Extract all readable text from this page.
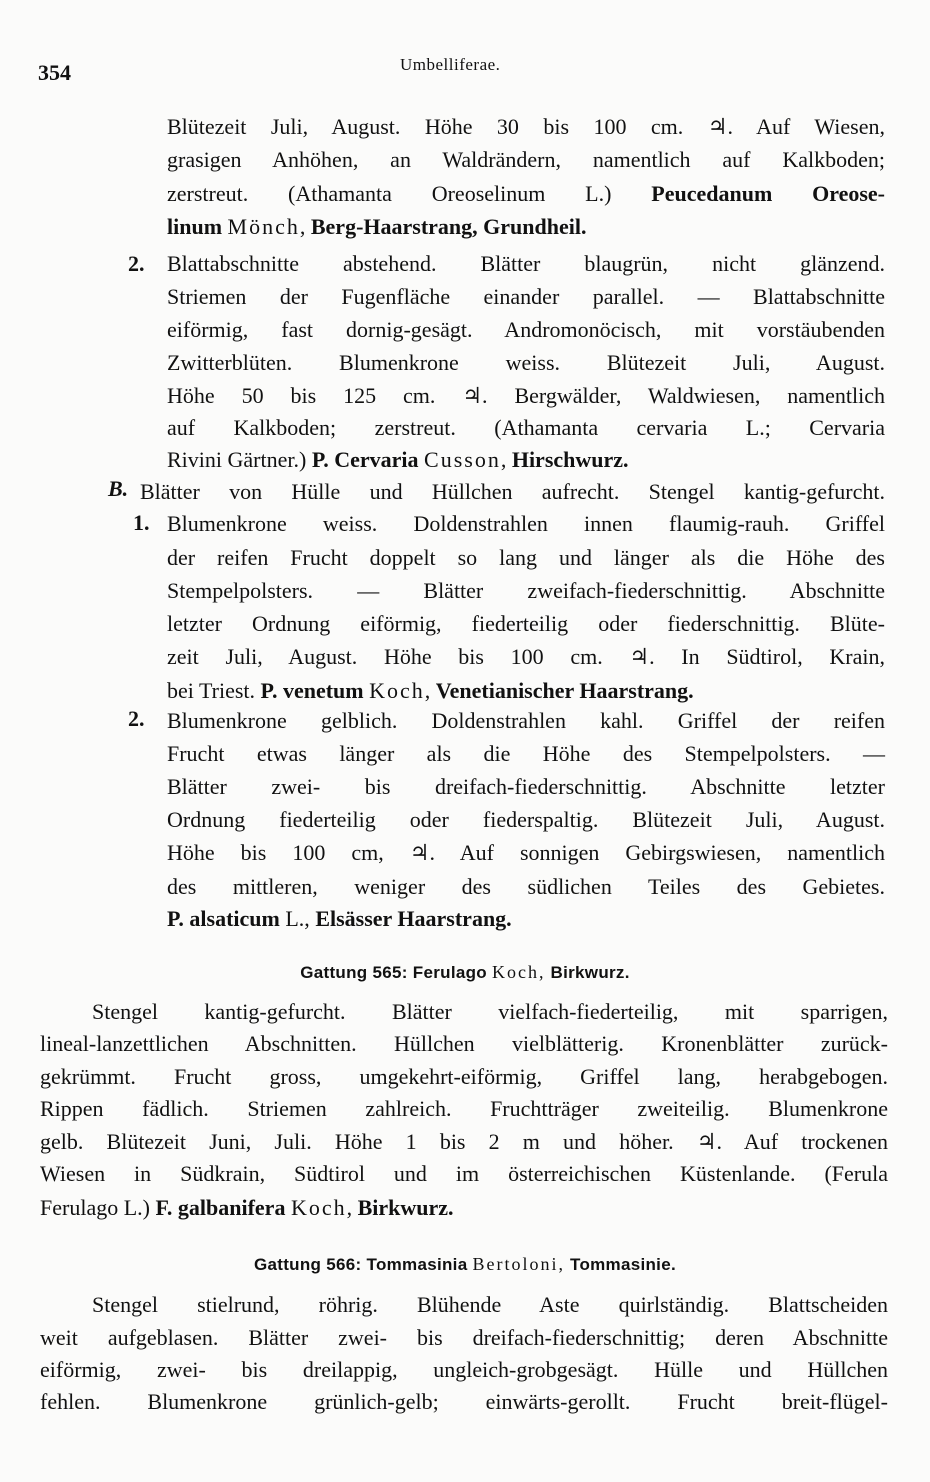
354	Umbelliferae.
2.
B.
1.
2.
Blütezeit Juli, August. Höhe 30 bis 100 cm. ♃. Auf Wiesen,
grasigen Anhöhen, an Waldrändern, namentlich auf Kalkboden;
zerstreut. (Athamanta Oreoselinum L.) Peucedanum Oreose-
linum Mönch, Berg-Haarstrang, Grundheil.
Blattabschnitte abstehend. Blätter blaugrün, nicht glänzend.
Striemen der Fugenfläche einander parallel. — Blattabschnitte
eiförmig, fast dornig-gesägt. Andromonöcisch, mit vorstäubenden
Zwitterblüten. Blumenkrone weiss. Blütezeit Juli, August.
Höhe 50 bis 125 cm. ♃. Bergwälder, Waldwiesen, namentlich
auf Kalkboden; zerstreut. (Athamanta cervaria L.; Cervaria
Rivini Gärtner.) P. Cervaria Cusson, Hirschwurz.
Blätter von Hülle und Hüllchen aufrecht. Stengel kantig-gefurcht.
Blumenkrone weiss. Doldenstrahlen innen flaumig-rauh. Griffel
der reifen Frucht doppelt so lang und länger als die Höhe des
Stempelpolsters. — Blätter zweifach-fiederschnittig. Abschnitte
letzter Ordnung eiförmig, fiederteilig oder fiederschnittig. Blüte-
zeit Juli, August. Höhe bis 100 cm. ♃. In Südtirol, Krain,
bei Triest. P. venetum Koch, Venetianischer Haarstrang.
Blumenkrone gelblich. Doldenstrahlen kahl. Griffel der reifen
Frucht etwas länger als die Höhe des Stempelpolsters. —
Blätter zwei- bis dreifach-fiederschnittig. Abschnitte letzter
Ordnung fiederteilig oder fiederspaltig. Blütezeit Juli, August.
Höhe bis 100 cm, ♃. Auf sonnigen Gebirgswiesen, namentlich
des mittleren, weniger des südlichen Teiles des Gebietes.
P. alsaticum L., Elsässer Haarstrang.
Gattung 565: Ferulago Koch, Birkwurz.
Stengel kantig-gefurcht. Blätter vielfach-fiederteilig, mit sparrigen,
lineal-lanzettlichen Abschnitten. Hüllchen vielblätterig. Kronenblätter zurück-
gekrümmt. Frucht gross, umgekehrt-eiförmig, Griffel lang, herabgebogen.
Rippen fädlich. Striemen zahlreich. Fruchtträger zweiteilig. Blumenkrone
gelb. Blütezeit Juni, Juli. Höhe 1 bis 2 m und höher. ♃. Auf trockenen
Wiesen in Südkrain, Südtirol und im österreichischen Küstenlande. (Ferula
Ferulago L.) F. galbanifera Koch, Birkwurz.
Gattung 566: Tommasinia Bertoloni, Tommasinie.
Stengel stielrund, röhrig. Blühende Aste quirlständig. Blattscheiden
weit aufgeblasen. Blätter zwei- bis dreifach-fiederschnittig; deren Abschnitte
eiförmig, zwei- bis dreilappig, ungleich-grobgesägt. Hülle und Hüllchen
fehlen. Blumenkrone grünlich-gelb; einwärts-gerollt. Frucht breit-flügel-
